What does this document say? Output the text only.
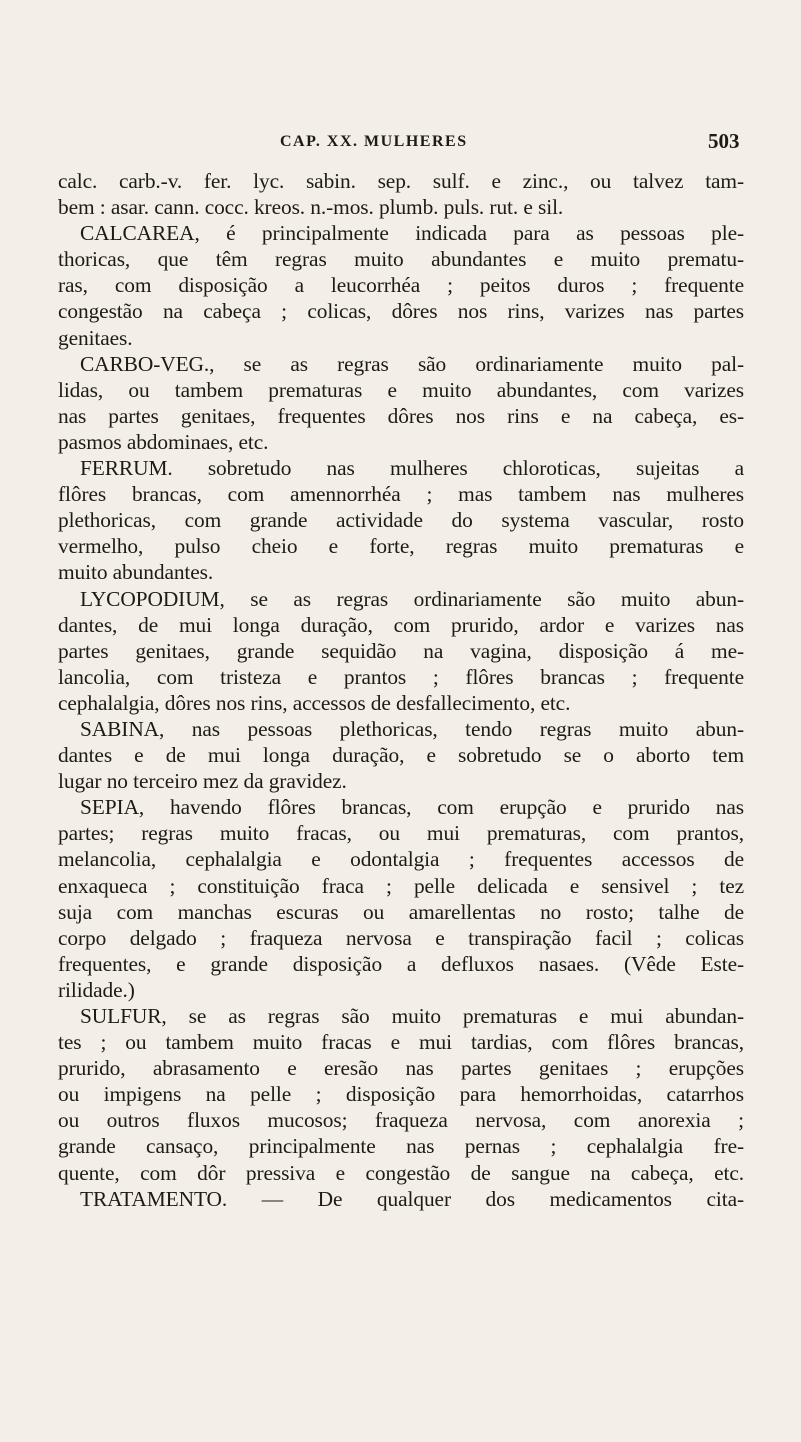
CAP. XX. MULHERES	503
calc. carb.-v. fer. lyc. sabin. sep. sulf. e zinc., ou talvez tam-
bem : asar. cann. cocc. kreos. n.-mos. plumb. puls. rut. e sil.
CALCAREA, é principalmente indicada para as pessoas ple-
thoricas, que têm regras muito abundantes e muito prematu-
ras, com disposição a leucorrhéa ; peitos duros ; frequente
congestão na cabeça ; colicas, dôres nos rins, varizes nas partes
genitaes.
CARBO-VEG., se as regras são ordinariamente muito pal-
lidas, ou tambem prematuras e muito abundantes, com varizes
nas partes genitaes, frequentes dôres nos rins e na cabeça, es-
pasmos abdominaes, etc.
FERRUM. sobretudo nas mulheres chloroticas, sujeitas a
flôres brancas, com amennorrhéa ; mas tambem nas mulheres
plethoricas, com grande actividade do systema vascular, rosto
vermelho, pulso cheio e forte, regras muito prematuras e
muito abundantes.
LYCOPODIUM, se as regras ordinariamente são muito abun-
dantes, de mui longa duração, com prurido, ardor e varizes nas
partes genitaes, grande sequidão na vagina, disposição á me-
lancolia, com tristeza e prantos ; flôres brancas ; frequente
cephalalgia, dôres nos rins, accessos de desfallecimento, etc.
SABINA, nas pessoas plethoricas, tendo regras muito abun-
dantes e de mui longa duração, e sobretudo se o aborto tem
lugar no terceiro mez da gravidez.
SEPIA, havendo flôres brancas, com erupção e prurido nas
partes; regras muito fracas, ou mui prematuras, com prantos,
melancolia, cephalalgia e odontalgia ; frequentes accessos de
enxaqueca ; constituição fraca ; pelle delicada e sensivel ; tez
suja com manchas escuras ou amarellentas no rosto; talhe de
corpo delgado ; fraqueza nervosa e transpiração facil ; colicas
frequentes, e grande disposição a defluxos nasaes. (Vêde Este-
rilidade.)
SULFUR, se as regras são muito prematuras e mui abundan-
tes ; ou tambem muito fracas e mui tardias, com flôres brancas,
prurido, abrasamento e eresão nas partes genitaes ; erupções
ou impigens na pelle ; disposição para hemorrhoidas, catarrhos
ou outros fluxos mucosos; fraqueza nervosa, com anorexia ;
grande cansaço, principalmente nas pernas ; cephalalgia fre-
quente, com dôr pressiva e congestão de sangue na cabeça, etc.
TRATAMENTO. — De qualquer dos medicamentos cita-
